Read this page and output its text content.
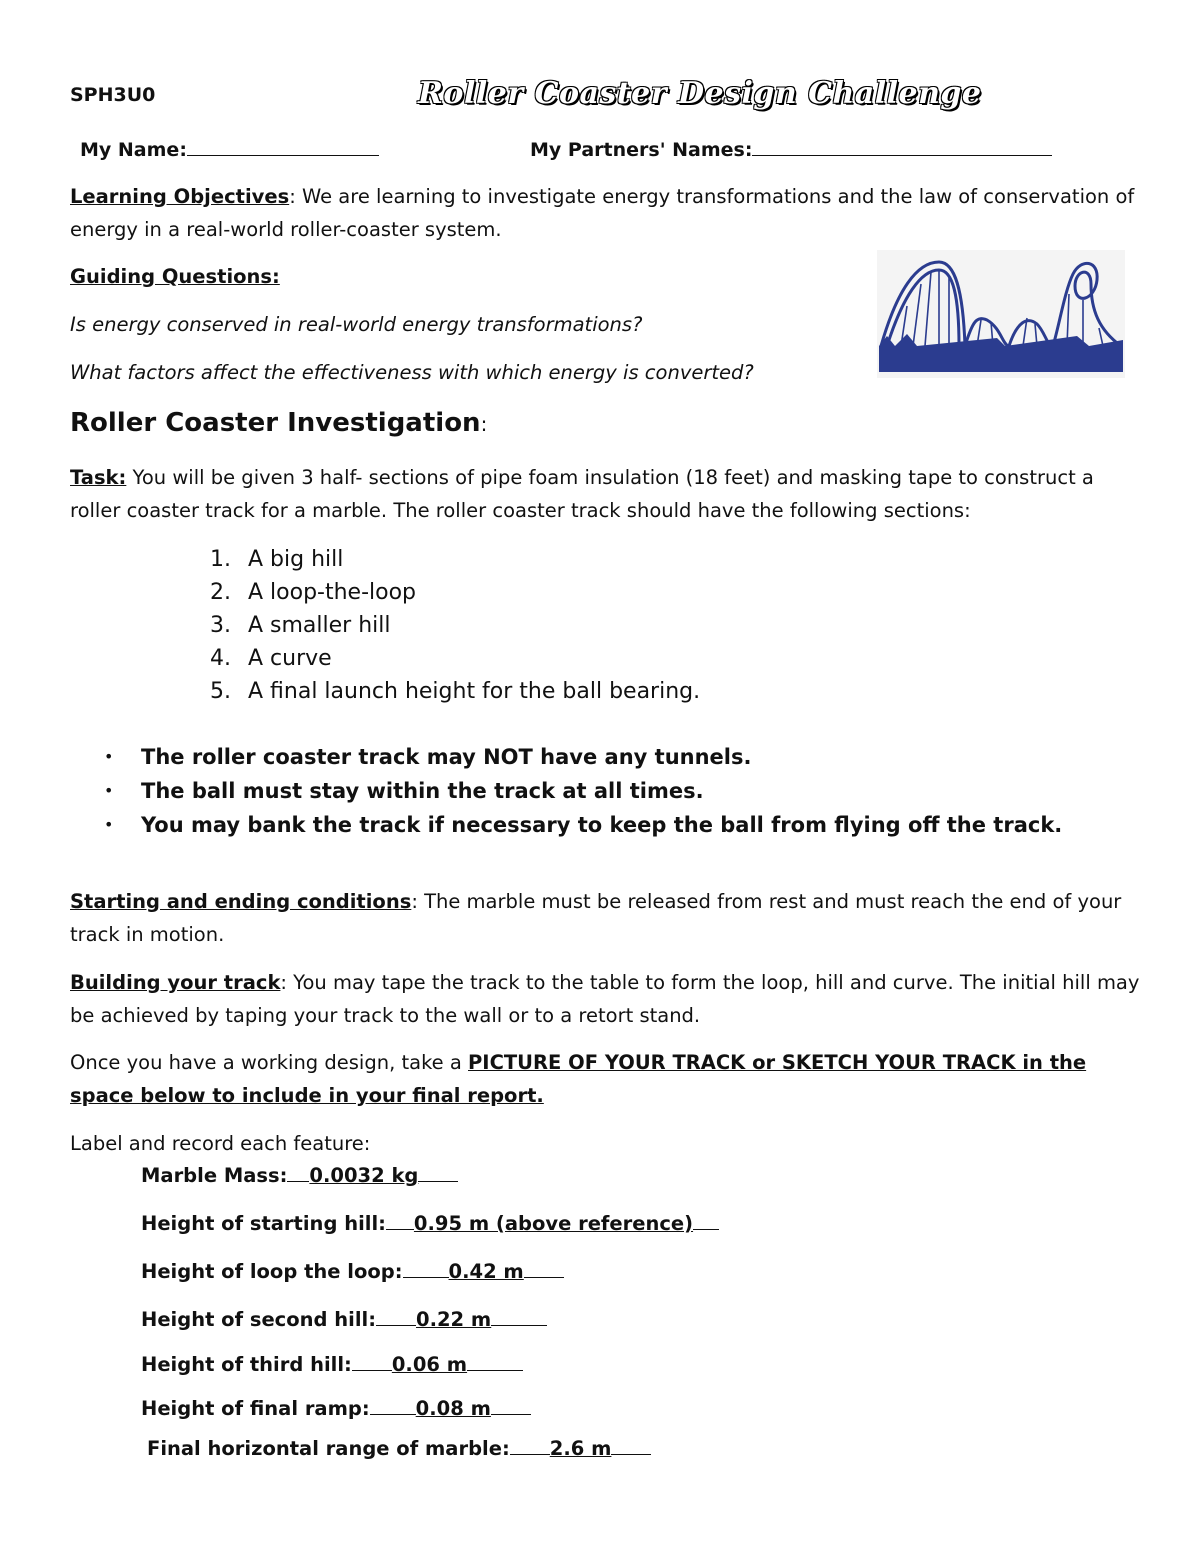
SPH3U0	Roller Coaster Design Challenge
My Name:	My Partners' Names:
Learning Objectives: We are learning to investigate energy transformations and the law of conservation of energy in a real-world roller-coaster system.
Guiding Questions:
Is energy conserved in real-world energy transformations?
What factors affect the effectiveness with which energy is converted?
Roller Coaster Investigation:
Task: You will be given 3 half- sections of pipe foam insulation (18 feet) and masking tape to construct a roller coaster track for a marble. The roller coaster track should have the following sections:
1. A big hill
2. A loop-the-loop
3. A smaller hill
4. A curve
5. A final launch height for the ball bearing.
• The roller coaster track may NOT have any tunnels.
• The ball must stay within the track at all times.
• You may bank the track if necessary to keep the ball from flying off the track.
Starting and ending conditions: The marble must be released from rest and must reach the end of your track in motion.
Building your track: You may tape the track to the table to form the loop, hill and curve. The initial hill may be achieved by taping your track to the wall or to a retort stand.
Once you have a working design, take a PICTURE OF YOUR TRACK or SKETCH YOUR TRACK in the space below to include in your final report.
Label and record each feature:
Marble Mass: 0.0032 kg
Height of starting hill: 0.95 m (above reference)
Height of loop the loop: 0.42 m
Height of second hill: 0.22 m
Height of third hill: 0.06 m
Height of final ramp: 0.08 m
Final horizontal range of marble: 2.6 m
